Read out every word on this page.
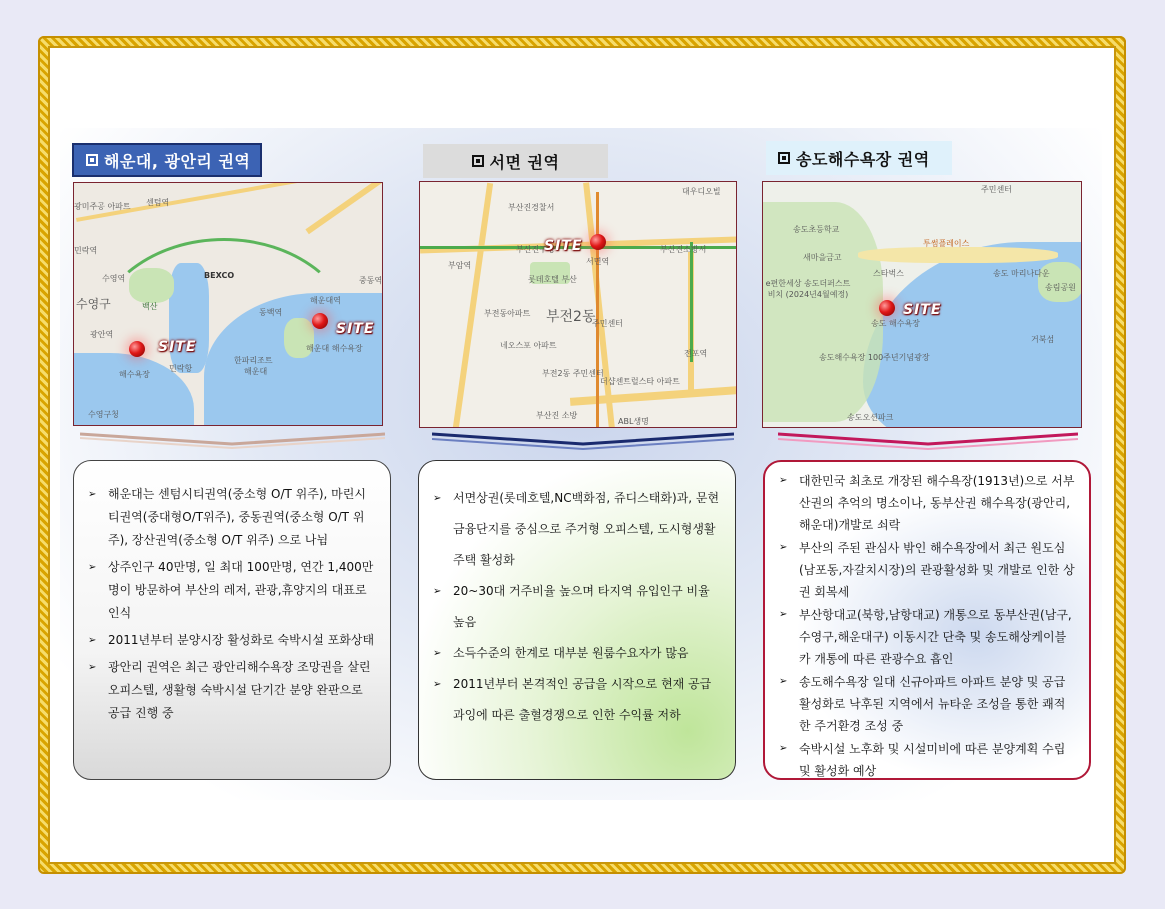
해운대, 광안리 권역	서면 권역	송도해수욕장 권역
광미주공 아파트 센텀역
민락역
수영역	BEXCO
중동역
해운대역
동백역
수영구	백산
광안역
해수욕장
민락항
한파리조트
해운대
해운대 해수욕장
수영구청
SITE
SITE
대우디오빌
부산진경찰서
부암역
부산진구청
롯데호텔 부산
서면역
부산진소방서
부전동아파트 부전2동
주민센터
네오스포 아파트
부전2동 주민센터
더샵센트럴스타 아파트
전포역
부산진 소방
ABL생명
SITE
주민센터
송도초등학교
새마을금고
투썸플레이스
스타벅스	송도 마리나다운
송림공원
e편한세상 송도더퍼스트비치 (2024년4월예정)
송도 해수욕장
송도해수욕장 100주년기념광장
거북섬
송도오션파크
SITE
➢ 해운대는 센텀시티권역(중소형 O/T 위주), 마린시티권역(중대형O/T위주), 중동권역(중소형 O/T 위주), 장산권역(중소형 O/T 위주) 으로 나뉨
➢ 상주인구 40만명, 일 최대 100만명, 연간 1,400만명이 방문하여 부산의 레저, 관광,휴양지의 대표로 인식
➢ 2011년부터 분양시장 활성화로 숙박시설 포화상태
➢ 광안리 권역은 최근 광안리해수욕장 조망권을 살린 오피스텔, 생활형 숙박시설 단기간 분양 완판으로 공급 진행 중
➢ 서면상권(롯데호텔,NC백화점, 쥬디스태화)과, 문현금융단지를 중심으로 주거형 오피스텔, 도시형생활주택 활성화
➢ 20~30대 거주비율 높으며 타지역 유입인구 비율 높음
➢ 소득수준의 한계로 대부분 원룸수요자가 많음
➢ 2011년부터 본격적인 공급을 시작으로 현재 공급과잉에 따른 출혈경쟁으로 인한 수익률 저하
➢ 대한민국 최초로 개장된 해수욕장(1913년)으로 서부산권의 추억의 명소이나, 동부산권 해수욕장(광안리,해운대)개발로 쇠락
➢ 부산의 주된 관심사 밖인 해수욕장에서 최근 원도심(남포동,자갈치시장)의 관광활성화 및 개발로 인한 상권 회복세
➢ 부산항대교(북항,남항대교) 개통으로 동부산권(남구,수영구,해운대구) 이동시간 단축 및 송도해상케이블카 개통에 따른 관광수요 흡인
➢ 송도해수욕장 일대 신규아파트 아파트 분양 및 공급 활성화로 낙후된 지역에서 뉴타운 조성을 통한 쾌적한 주거환경 조성 중
➢ 숙박시설 노후화 및 시설미비에 따른 분양계획 수립 및 활성화 예상
